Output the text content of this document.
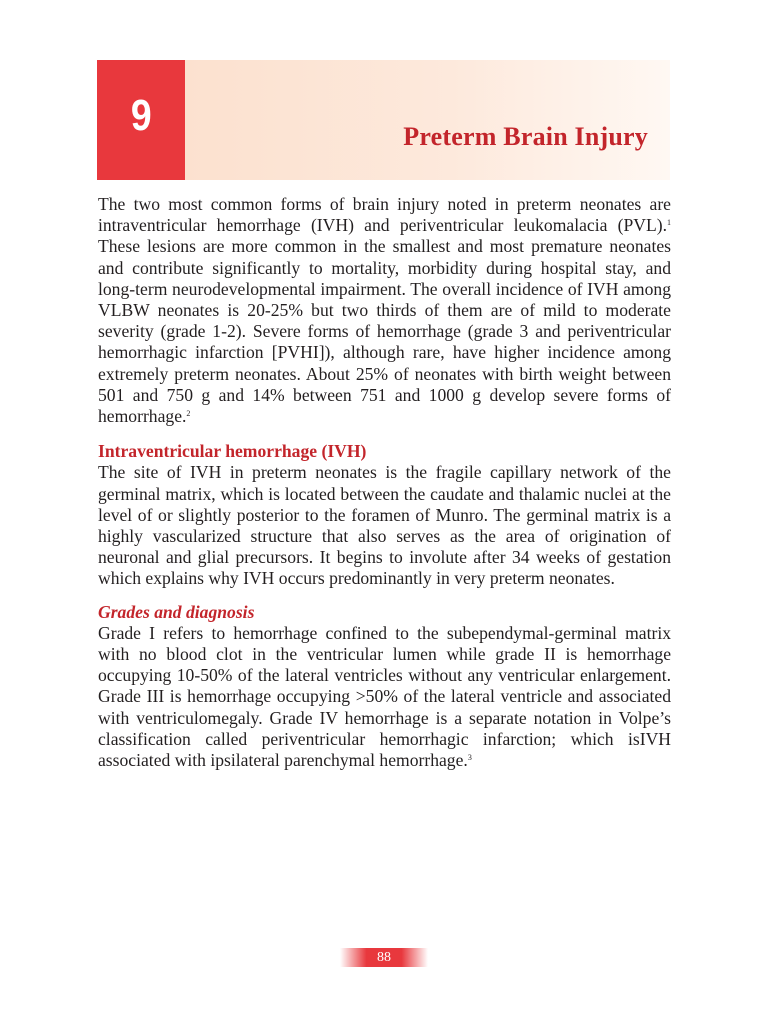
9	Preterm Brain Injury

The two most common forms of brain injury noted in preterm neonates are intraventricular hemorrhage (IVH) and periventricular leukomalacia (PVL).$^1$ These lesions are more common in the smallest and most premature neonates and contribute significantly to mortality, morbidity during hospital stay, and long-term neurodevelopmental impairment. The overall incidence of IVH among VLBW neonates is 20-25% but two thirds of them are of mild to moderate severity (grade 1-2). Severe forms of hemorrhage (grade 3 and periventricular hemorrhagic infarction [PVHI]), although rare, have higher incidence among extremely preterm neonates. About 25% of neonates with birth weight between 501 and 750 g and 14% between 751 and 1000 g develop severe forms of hemorrhage.$^2$

Intraventricular hemorrhage (IVH)

The site of IVH in preterm neonates is the fragile capillary network of the germinal matrix, which is located between the caudate and thalamic nuclei at the level of or slightly posterior to the foramen of Munro. The germinal matrix is a highly vascularized structure that also serves as the area of origination of neuronal and glial precursors. It begins to involute after 34 weeks of gestation which explains why IVH occurs predominantly in very preterm neonates.

Grades and diagnosis

Grade I refers to hemorrhage confined to the subependymal-germinal matrix with no blood clot in the ventricular lumen while grade II is hemorrhage occupying 10-50% of the lateral ventricles without any ventricular enlargement. Grade III is hemorrhage occupying >50% of the lateral ventricle and associated with ventriculomegaly. Grade IV hemorrhage is a separate notation in Volpe’s classification called periventricular hemorrhagic infarction; which isIVH associated with ipsilateral parenchymal hemorrhage.$^3$

88
